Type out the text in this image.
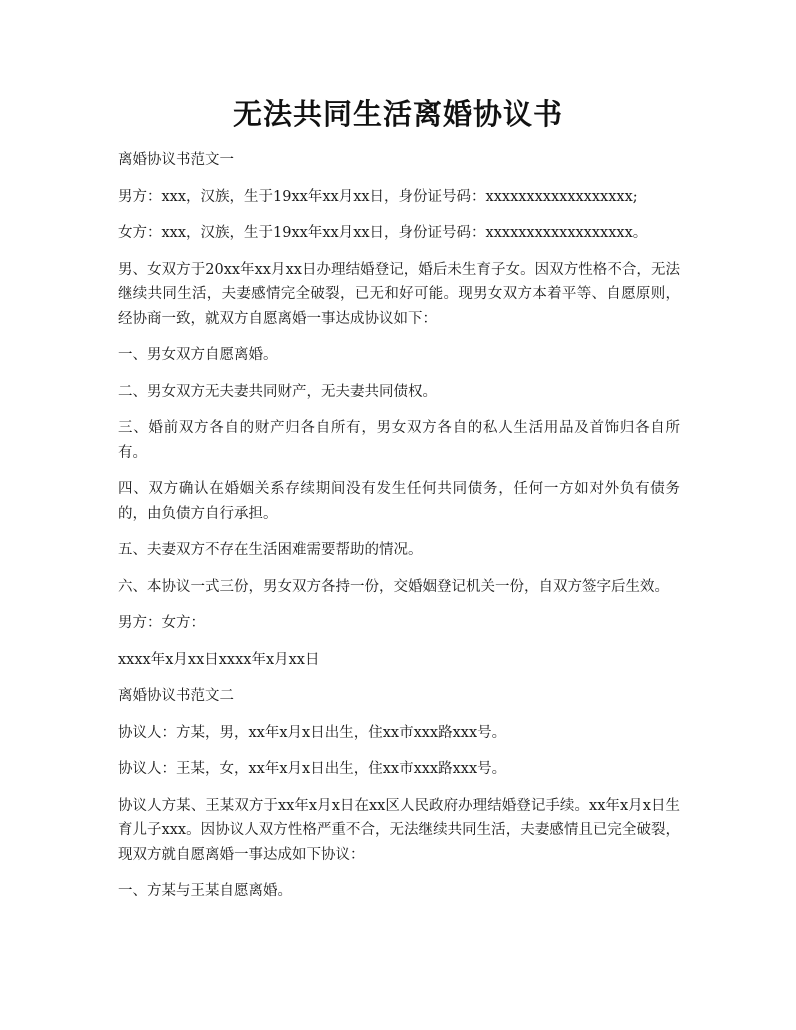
无法共同生活离婚协议书

离婚协议书范文一

男方：xxx，汉族，生于19xx年xx月xx日，身份证号码：xxxxxxxxxxxxxxxxxx;

女方：xxx，汉族，生于19xx年xx月xx日，身份证号码：xxxxxxxxxxxxxxxxxx。

男、女双方于20xx年xx月xx日办理结婚登记，婚后未生育子女。因双方性格不合，无法继续共同生活，夫妻感情完全破裂，已无和好可能。现男女双方本着平等、自愿原则，经协商一致，就双方自愿离婚一事达成协议如下：

一、男女双方自愿离婚。

二、男女双方无夫妻共同财产，无夫妻共同债权。

三、婚前双方各自的财产归各自所有，男女双方各自的私人生活用品及首饰归各自所有。

四、双方确认在婚姻关系存续期间没有发生任何共同债务，任何一方如对外负有债务的，由负债方自行承担。

五、夫妻双方不存在生活困难需要帮助的情况。

六、本协议一式三份，男女双方各持一份，交婚姻登记机关一份，自双方签字后生效。

男方：女方：

xxxx年x月xx日xxxx年x月xx日

离婚协议书范文二

协议人：方某，男，xx年x月x日出生，住xx市xxx路xxx号。

协议人：王某，女，xx年x月x日出生，住xx市xxx路xxx号。

协议人方某、王某双方于xx年x月x日在xx区人民政府办理结婚登记手续。xx年x月x日生育儿子xxx。因协议人双方性格严重不合，无法继续共同生活，夫妻感情且已完全破裂，现双方就自愿离婚一事达成如下协议：

一、方某与王某自愿离婚。
